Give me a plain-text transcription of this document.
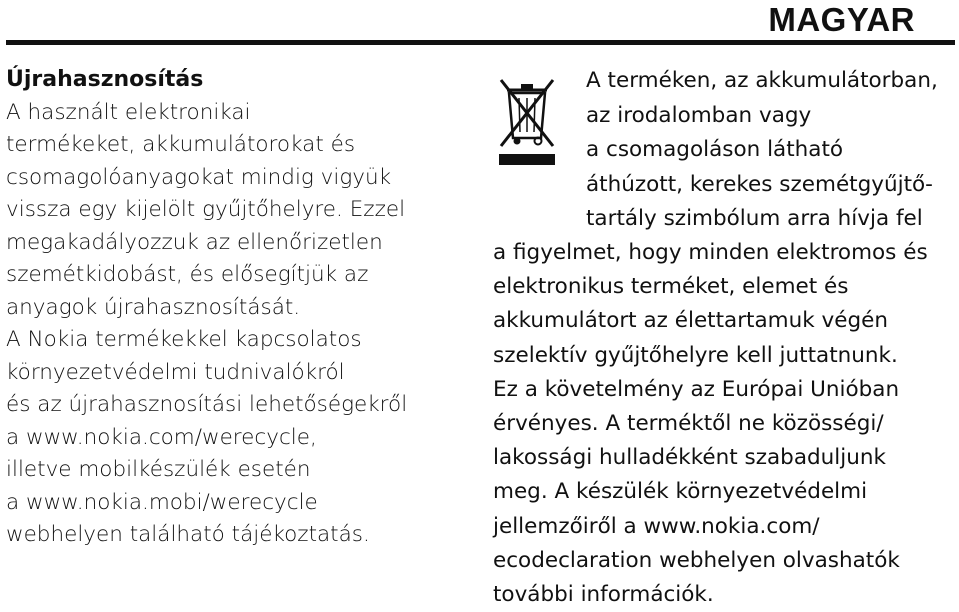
MAGYAR
Újrahasznosítás

A használt elektronikai

termékeket, akkumulátorokat és

csomagolóanyagokat mindig vigyük

vissza egy kijelölt gyűjtőhelyre. Ezzel

megakadályozzuk az ellenőrizetlen

szemétkidobást, és elősegítjük az

anyagok újrahasznosítását.

A Nokia termékekkel kapcsolatos

környezetvédelmi tudnivalókról

és az újrahasznosítási lehetőségekről

a www.nokia.com/werecycle,

illetve mobilkészülék esetén

a www.nokia.mobi/werecycle

webhelyen található tájékoztatás.

A terméken, az akkumulátorban,

az irodalomban vagy

a csomagoláson látható

áthúzott, kerekes szemétgyűjtő-

tartály szimbólum arra hívja fel

a figyelmet, hogy minden elektromos és

elektronikus terméket, elemet és

akkumulátort az élettartamuk végén

szelektív gyűjtőhelyre kell juttatnunk.

Ez a követelmény az Európai Unióban

érvényes. A terméktől ne közösségi/

lakossági hulladékként szabaduljunk

meg. A készülék környezetvédelmi

jellemzőiről a www.nokia.com/

ecodeclaration webhelyen olvashatók

további információk.
